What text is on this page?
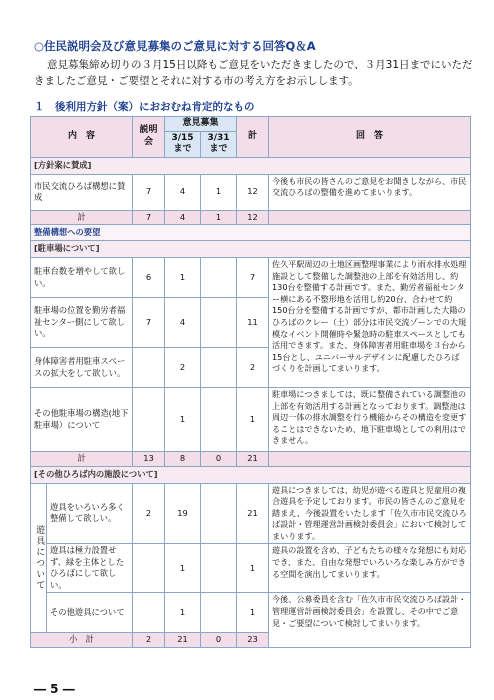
○住民説明会及び意見募集のご意見に対する回答Q＆A

意見募集締め切りの３月15日以降もご意見をいただきましたので、３月31日までにいただきましたご意見・ご要望とそれに対する市の考え方をお示しします。

１　後利用方針（案）におおむね肯定的なもの
内　容		説明会	意見募集		計	回　答
			3/15まで	3/31まで		
[方針案に賛成]						
市民交流ひろば構想に賛成		7	4	1	12	今後も市民の皆さんのご意見をお聞きしながら、市民交流ひろばの整備を進めてまいります。
計		7	4	1	12	
整備構想への要望						
[駐車場について]						
駐車台数を増やして欲しい。		6	1		7	佐久平駅周辺の土地区画整理事業により雨水排水処理施設として整備した調整池の上部を有効活用し、約130台を整備する計画です。また、勤労者福祉センター横にある不整形地を活用し約20台、合わせて約150台分を整備する計画ですが、都市計画した大陽のひろばのクレー（土）部分は市民交流ゾーンでの大規模なイベント開催時や緊急時の駐車スペースとしても活用できます。また、身体障害者用駐車場を３台から15台とし、ユニバーサルデザインに配慮したひろばづくりを計画してまいります。
駐車場の位置を勤労者福祉センター側にして欲しい。		7	4		11	
身体障害者用駐車スペースの拡大をして欲しい。			2		2	
その他駐車場の構造(地下駐車場）について			1		1	駐車場につきましては、既に整備されている調整池の上部を有効活用する計画となっております。調整池は周辺一体の排水調整を行う機能からその構造を変更することはできないため、地下駐車場としての利用はできません。
計		13	8	0	21	
[その他ひろば内の施設について]						
遊具について	遊具をいろいろ多く整備して欲しい。	2	19		21	遊具につきましては、幼児が遊べる遊具と児童用の複合遊具を予定しております。市民の皆さんのご意見を踏まえ、今後設置をいたします「佐久市市民交流ひろば設計・管理運営計画検討委員会」において検討してまいります。
	遊具は極力設置せず、緑を主体としたひろばにして欲しい。		1		1	遊具の設置を含め、子どもたちの様々な発想にも対応でき、また、自由な発想でいろいろな楽しみ方ができる空間を演出してまいります。
	その他遊具について		1		1	今後、公募委員を含む「佐久市市民交流ひろば設計・管理運営計画検討委員会」を設置し、その中でご意見・ご要望について検討してまいります。
小　計		2	21	0	23	
― 5 ―
